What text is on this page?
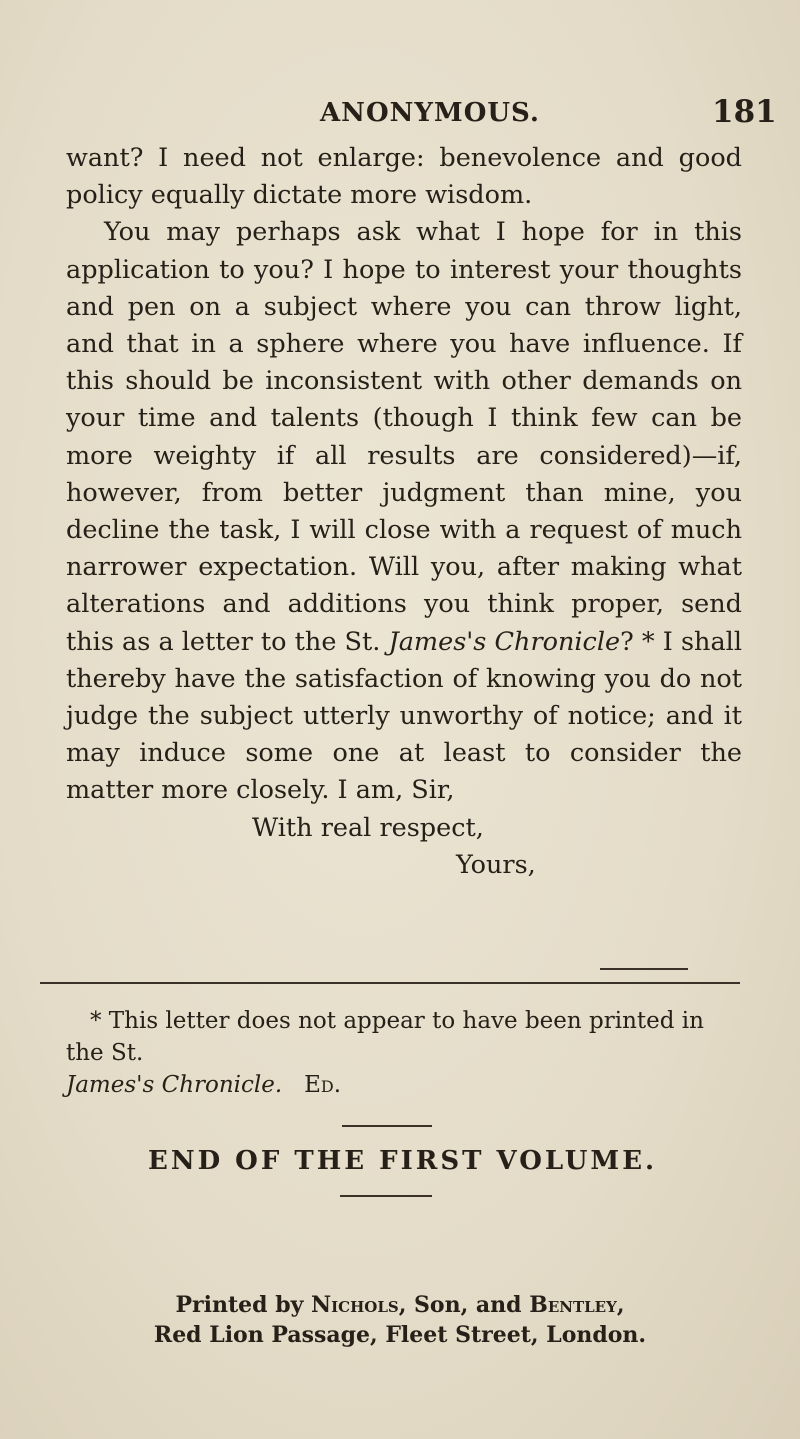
ANONYMOUS.	181

want? I need not enlarge: benevolence and good policy equally dictate more wisdom.

You may perhaps ask what I hope for in this application to you? I hope to interest your thoughts and pen on a subject where you can throw light, and that in a sphere where you have influence. If this should be inconsistent with other demands on your time and talents (though I think few can be more weighty if all results are considered)—if, however, from better judgment than mine, you decline the task, I will close with a request of much narrower expectation. Will you, after making what alterations and additions you think proper, send this as a letter to the St. James's Chronicle? * I shall thereby have the satisfaction of knowing you do not judge the subject utterly unworthy of notice; and it may induce some one at least to consider the matter more closely. I am, Sir,

With real respect,

Yours,

* This letter does not appear to have been printed in the St.

James's Chronicle. Ed.

END OF THE FIRST VOLUME.
Printed by Nichols, Son, and Bentley,
Red Lion Passage, Fleet Street, London.
